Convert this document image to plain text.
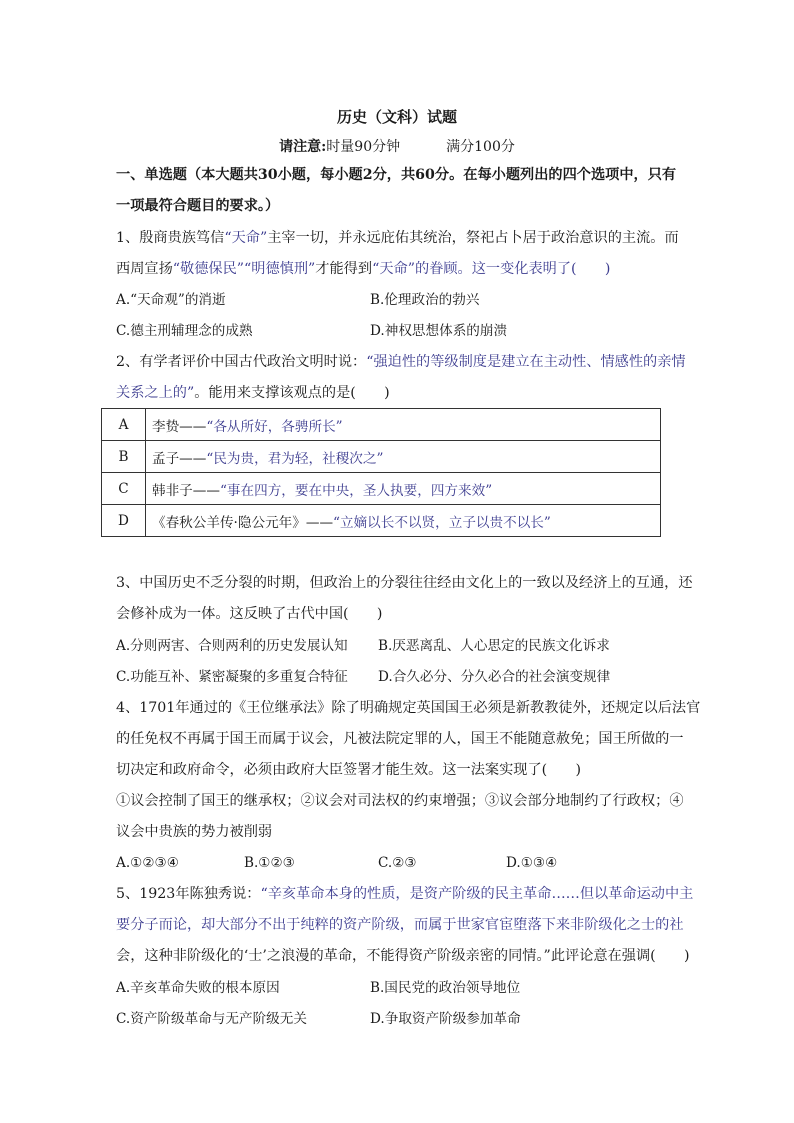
历史（文科）试题
请注意:时量90分钟	满分100分
一、单选题（本大题共30小题，每小题2分，共60分。在每小题列出的四个选项中，只有
一项最符合题目的要求。）
1、殷商贵族笃信“天命”主宰一切，并永远庇佑其统治，祭祀占卜居于政治意识的主流。而
西周宣扬“敬德保民”“明德慎刑”才能得到“天命”的眷顾。这一变化表明了(　　)
A.“天命观”的消逝	B.伦理政治的勃兴
C.德主刑辅理念的成熟	D.神权思想体系的崩溃
2、有学者评价中国古代政治文明时说：“强迫性的等级制度是建立在主动性、情感性的亲情
关系之上的”。能用来支撑该观点的是(　　)
A	李贽——“各从所好，各骋所长”
B	孟子——“民为贵，君为轻，社稷次之”
C	韩非子——“事在四方，要在中央，圣人执要，四方来效”
D	《春秋公羊传·隐公元年》——“立嫡以长不以贤，立子以贵不以长”
3、中国历史不乏分裂的时期，但政治上的分裂往往经由文化上的一致以及经济上的互通，还
会修补成为一体。这反映了古代中国(　　)
A.分则两害、合则两利的历史发展认知 B.厌恶离乱、人心思定的民族文化诉求
C.功能互补、紧密凝聚的多重复合特征 D.合久必分、分久必合的社会演变规律
4、1701年通过的《王位继承法》除了明确规定英国国王必须是新教教徒外，还规定以后法官
的任免权不再属于国王而属于议会，凡被法院定罪的人，国王不能随意赦免；国王所做的一
切决定和政府命令，必须由政府大臣签署才能生效。这一法案实现了(　　)
①议会控制了国王的继承权；②议会对司法权的约束增强；③议会部分地制约了行政权；④
议会中贵族的势力被削弱
A.①②③④	B.①②③	C.②③	D.①③④
5、1923年陈独秀说：“辛亥革命本身的性质，是资产阶级的民主革命……但以革命运动中主
要分子而论，却大部分不出于纯粹的资产阶级，而属于世家官宦堕落下来非阶级化之士的社
会，这种非阶级化的‘士’之浪漫的革命，不能得资产阶级亲密的同情。”此评论意在强调(　　)
A.辛亥革命失败的根本原因	B.国民党的政治领导地位
C.资产阶级革命与无产阶级无关	D.争取资产阶级参加革命
